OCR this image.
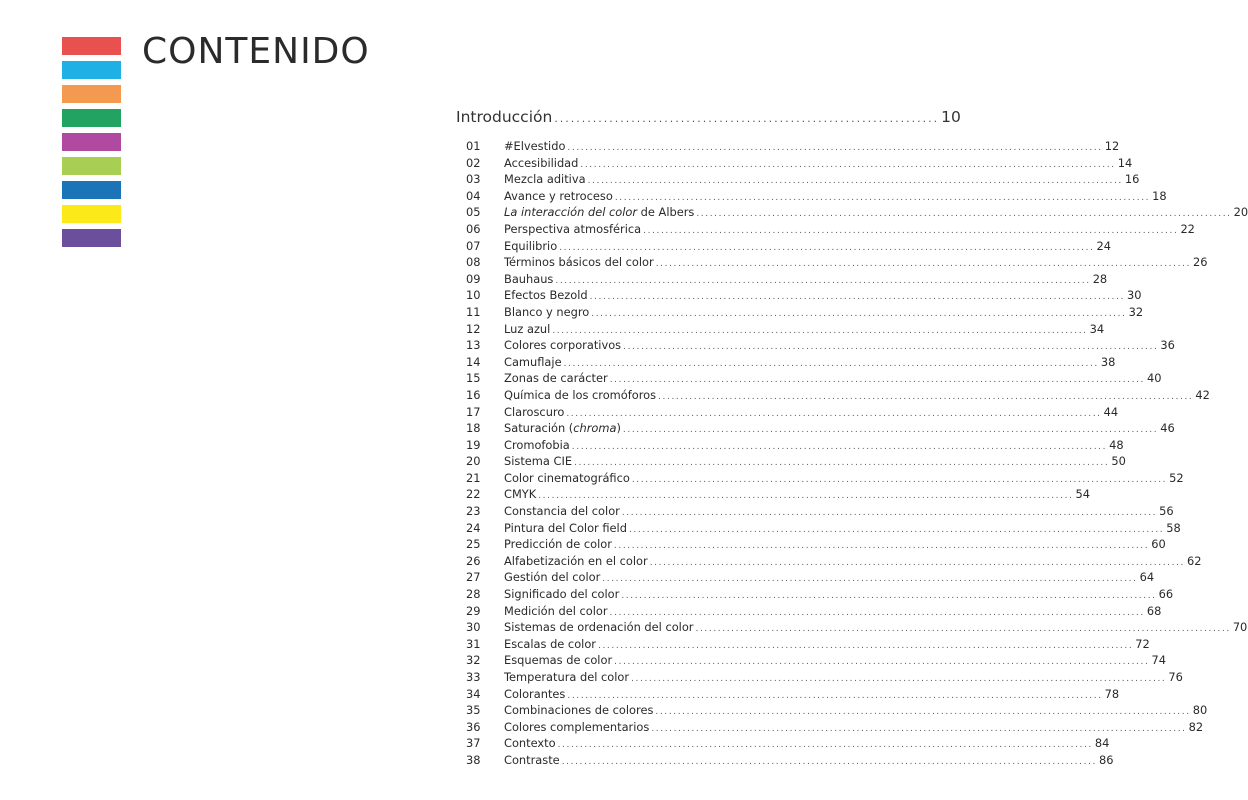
CONTENIDO
Introducción ...................................................................... 10
01	#Elvestido ........................................................................................................................ 12
02	Accesibilidad ........................................................................................................................ 14
03	Mezcla aditiva ........................................................................................................................ 16
04	Avance y retroceso ........................................................................................................................ 18
05	La interacción del color de Albers ........................................................................................................................ 20
06	Perspectiva atmosférica ........................................................................................................................ 22
07	Equilibrio ........................................................................................................................ 24
08	Términos básicos del color ........................................................................................................................ 26
09	Bauhaus ........................................................................................................................ 28
10	Efectos Bezold ........................................................................................................................ 30
11	Blanco y negro ........................................................................................................................ 32
12	Luz azul ........................................................................................................................ 34
13	Colores corporativos ........................................................................................................................ 36
14	Camuflaje ........................................................................................................................ 38
15	Zonas de carácter ........................................................................................................................ 40
16	Química de los cromóforos ........................................................................................................................ 42
17	Claroscuro ........................................................................................................................ 44
18	Saturación (chroma) ........................................................................................................................ 46
19	Cromofobia ........................................................................................................................ 48
20	Sistema CIE ........................................................................................................................ 50
21	Color cinematográfico ........................................................................................................................ 52
22	CMYK ........................................................................................................................ 54
23	Constancia del color ........................................................................................................................ 56
24	Pintura del Color field ........................................................................................................................ 58
25	Predicción de color ........................................................................................................................ 60
26	Alfabetización en el color ........................................................................................................................ 62
27	Gestión del color ........................................................................................................................ 64
28	Significado del color ........................................................................................................................ 66
29	Medición del color ........................................................................................................................ 68
30	Sistemas de ordenación del color ........................................................................................................................ 70
31	Escalas de color ........................................................................................................................ 72
32	Esquemas de color ........................................................................................................................ 74
33	Temperatura del color ........................................................................................................................ 76
34	Colorantes ........................................................................................................................ 78
35	Combinaciones de colores ........................................................................................................................ 80
36	Colores complementarios ........................................................................................................................ 82
37	Contexto ........................................................................................................................ 84
38	Contraste ........................................................................................................................ 86
